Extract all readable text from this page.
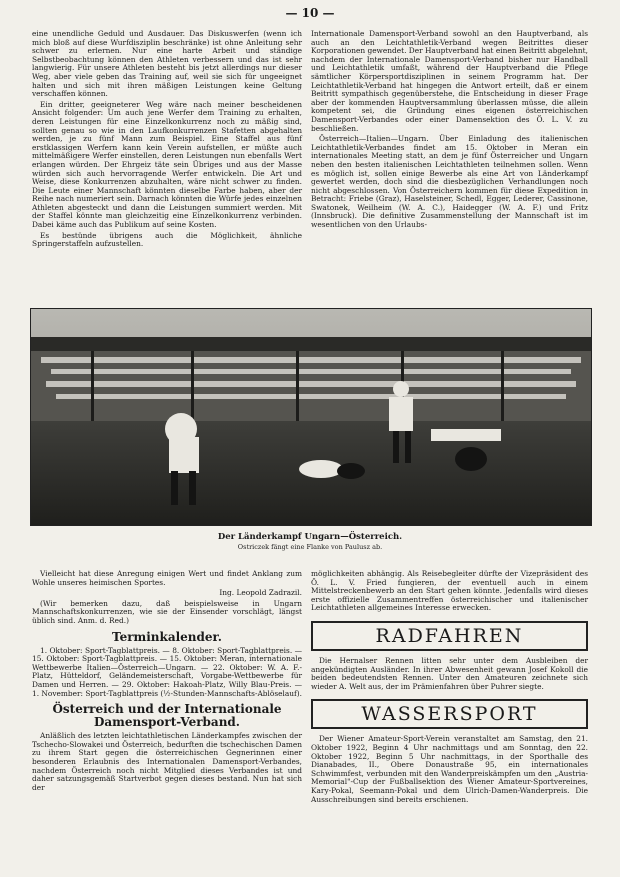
— 10 —

eine unendliche Geduld und Ausdauer. Das Diskuswerfen (wenn ich mich bloß auf diese Wurfdisziplin beschränke) ist ohne Anleitung sehr schwer zu erlernen. Nur eine harte Arbeit und ständige Selbstbeobachtung können den Athleten verbessern und das ist sehr langwierig. Für unsere Athleten besteht bis jetzt allerdings nur dieser Weg, aber viele geben das Training auf, weil sie sich für ungeeignet halten und sich mit ihren mäßigen Leistungen keine Geltung verschaffen können.

Ein dritter, geeigneterer Weg wäre nach meiner bescheidenen Ansicht folgender: Um auch jene Werfer dem Training zu erhalten, deren Leistungen für eine Einzelkonkurrenz noch zu mäßig sind, sollten genau so wie in den Laufkonkurrenzen Stafetten abgehalten werden, je zu fünf Mann zum Beispiel. Eine Staffel aus fünf erstklassigen Werfern kann kein Verein aufstellen, er müßte auch mittelmäßigere Werfer einstellen, deren Leistungen nun ebenfalls Wert erlangen würden. Der Ehrgeiz täte sein Übriges und aus der Masse würden sich auch hervorragende Werfer entwickeln. Die Art und Weise, diese Konkurrenzen abzuhalten, wäre nicht schwer zu finden. Die Leute einer Mannschaft könnten dieselbe Farbe haben, aber der Reihe nach numeriert sein. Darnach könnten die Würfe jedes einzelnen Athleten abgesteckt und dann die Leistungen summiert werden. Mit der Staffel könnte man gleichzeitig eine Einzelkonkurrenz verbinden. Dabei käme auch das Publikum auf seine Kosten.

Es bestünde übrigens auch die Möglichkeit, ähnliche Springerstaffeln aufzustellen.

Internationale Damensport-Verband sowohl an den Hauptverband, als auch an den Leichtathletik-Verband wegen Beitrittes dieser Korporationen gewendet. Der Hauptverband hat einen Beitritt abgelehnt, nachdem der Internationale Damensport-Verband bisher nur Handball und Leichtathletik umfaßt, während der Hauptverband die Pflege sämtlicher Körpersportdisziplinen in seinem Programm hat. Der Leichtathletik-Verband hat hingegen die Antwort erteilt, daß er einem Beitritt sympathisch gegenüberstehe, die Entscheidung in dieser Frage aber der kommenden Hauptversammlung überlassen müsse, die allein kompetent sei, die Gründung eines eigenen österreichischen Damensport-Verbandes oder einer Damensektion des Ö. L. V. zu beschließen.

Österreich—Italien—Ungarn. Über Einladung des italienischen Leichtathletik-Verbandes findet am 15. Oktober in Meran ein internationales Meeting statt, an dem je fünf Österreicher und Ungarn neben den besten italienischen Leichtathleten teilnehmen sollen. Wenn es möglich ist, sollen einige Bewerbe als eine Art von Länderkampf gewertet werden, doch sind die diesbezüglichen Verhandlungen noch nicht abgeschlossen. Von Österreichern kommen für diese Expedition in Betracht: Friebe (Graz), Haselsteiner, Schedl, Egger, Lederer, Cassinone, Swatonek, Weilheim (W. A. C.), Haidegger (W. A. F.) und Fritz (Innsbruck). Die definitive Zusammenstellung der Mannschaft ist im wesentlichen von den Urlaubs-

Der Länderkampf Ungarn—Österreich.
Ostriczek fängt eine Flanke von Paulusz ab.

Vielleicht hat diese Anregung einigen Wert und findet Anklang zum Wohle unseres heimischen Sportes.

Ing. Leopold Zadrazil.

(Wir bemerken dazu, daß beispielsweise in Ungarn Mannschaftskonkurrenzen, wie sie der Einsender vorschlägt, längst üblich sind. Anm. d. Red.)

Terminkalender.

1. Oktober: Sport-Tagblattpreis. — 8. Oktober: Sport-Tagblattpreis. — 15. Oktober: Sport-Tagblattpreis. — 15. Oktober: Meran, internationale Wettbewerbe Italien—Österreich—Ungarn. — 22. Oktober: W. A. F.-Platz, Hütteldorf, Geländemeisterschaft, Vorgabe-Wettbewerbe für Damen und Herren. — 29. Oktober: Hakoah-Platz, Willy Blau-Preis. — 1. November: Sport-Tagblattpreis (½-Stunden-Mannschafts-Ablöselauf).

Österreich und der Internationale Damensport-Verband.

Anläßlich des letzten leichtathletischen Länderkampfes zwischen der Tschecho-Slowakei und Österreich, bedurften die tschechischen Damen zu ihrem Start gegen die österreichischen Gegnerinnen einer besonderen Erlaubnis des Internationalen Damensport-Verbandes, nachdem Österreich noch nicht Mitglied dieses Verbandes ist und daher satzungsgemäß Startverbot gegen dieses bestand. Nun hat sich der

möglichkeiten abhängig. Als Reisebegleiter dürfte der Vizepräsident des Ö. L. V. Fried fungieren, der eventuell auch in einem Mittelstreckenbewerb an den Start gehen könnte. Jedenfalls wird dieses erste offizielle Zusammentreffen österreichischer und italienischer Leichtathleten allgemeines Interesse erwecken.

RADFAHREN

Die Hernalser Rennen litten sehr unter dem Ausbleiben der angekündigten Ausländer. In ihrer Abwesenheit gewann Josef Kokoll die beiden bedeutendsten Rennen. Unter den Amateuren zeichnete sich wieder A. Welt aus, der im Prämienfahren über Puhrer siegte.

WASSERSPORT

Der Wiener Amateur-Sport-Verein veranstaltet am Samstag, den 21. Oktober 1922, Beginn 4 Uhr nachmittags und am Sonntag, den 22. Oktober 1922, Beginn 5 Uhr nachmittags, in der Sporthalle des Dianabades, II., Obere Donaustraße 95, ein internationales Schwimmfest, verbunden mit den Wanderpreiskämpfen um den „Austria-Memorial"-Cup der Fußballsektion des Wiener Amateur-Sportvereines, Kary-Pokal, Seemann-Pokal und dem Ulrich-Damen-Wanderpreis. Die Ausschreibungen sind bereits erschienen.
